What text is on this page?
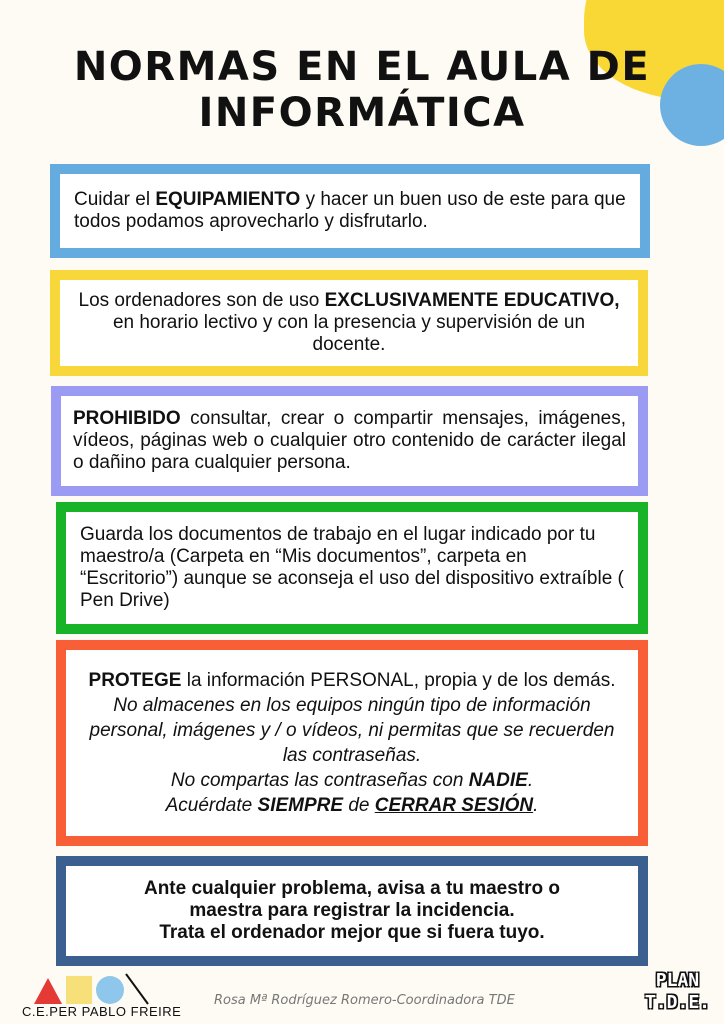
NORMAS EN EL AULA DE
INFORMÁTICA

Cuidar el EQUIPAMIENTO y hacer un buen uso de este para que todos podamos aprovecharlo y disfrutarlo.

Los ordenadores son de uso EXCLUSIVAMENTE EDUCATIVO, en horario lectivo y con la presencia y supervisión de un docente.

PROHIBIDO consultar, crear o compartir mensajes, imágenes, vídeos, páginas web o cualquier otro contenido de carácter ilegal o dañino para cualquier persona.

Guarda los documentos de trabajo en el lugar indicado por tu maestro/a (Carpeta en “Mis documentos”, carpeta en “Escritorio”) aunque se aconseja el uso del dispositivo extraíble ( Pen Drive)

PROTEGE la información PERSONAL, propia y de los demás.
No almacenes en los equipos ningún tipo de información personal, imágenes y / o vídeos, ni permitas que se recuerden las contraseñas.
No compartas las contraseñas con NADIE.
Acuérdate SIEMPRE de CERRAR SESIÓN.

Ante cualquier problema, avisa a tu maestro o
maestra para registrar la incidencia.
Trata el ordenador mejor que si fuera tuyo.

C.E.PER PABLO FREIRE
Rosa Mª Rodríguez Romero-Coordinadora TDE
PLAN
T.D.E.
